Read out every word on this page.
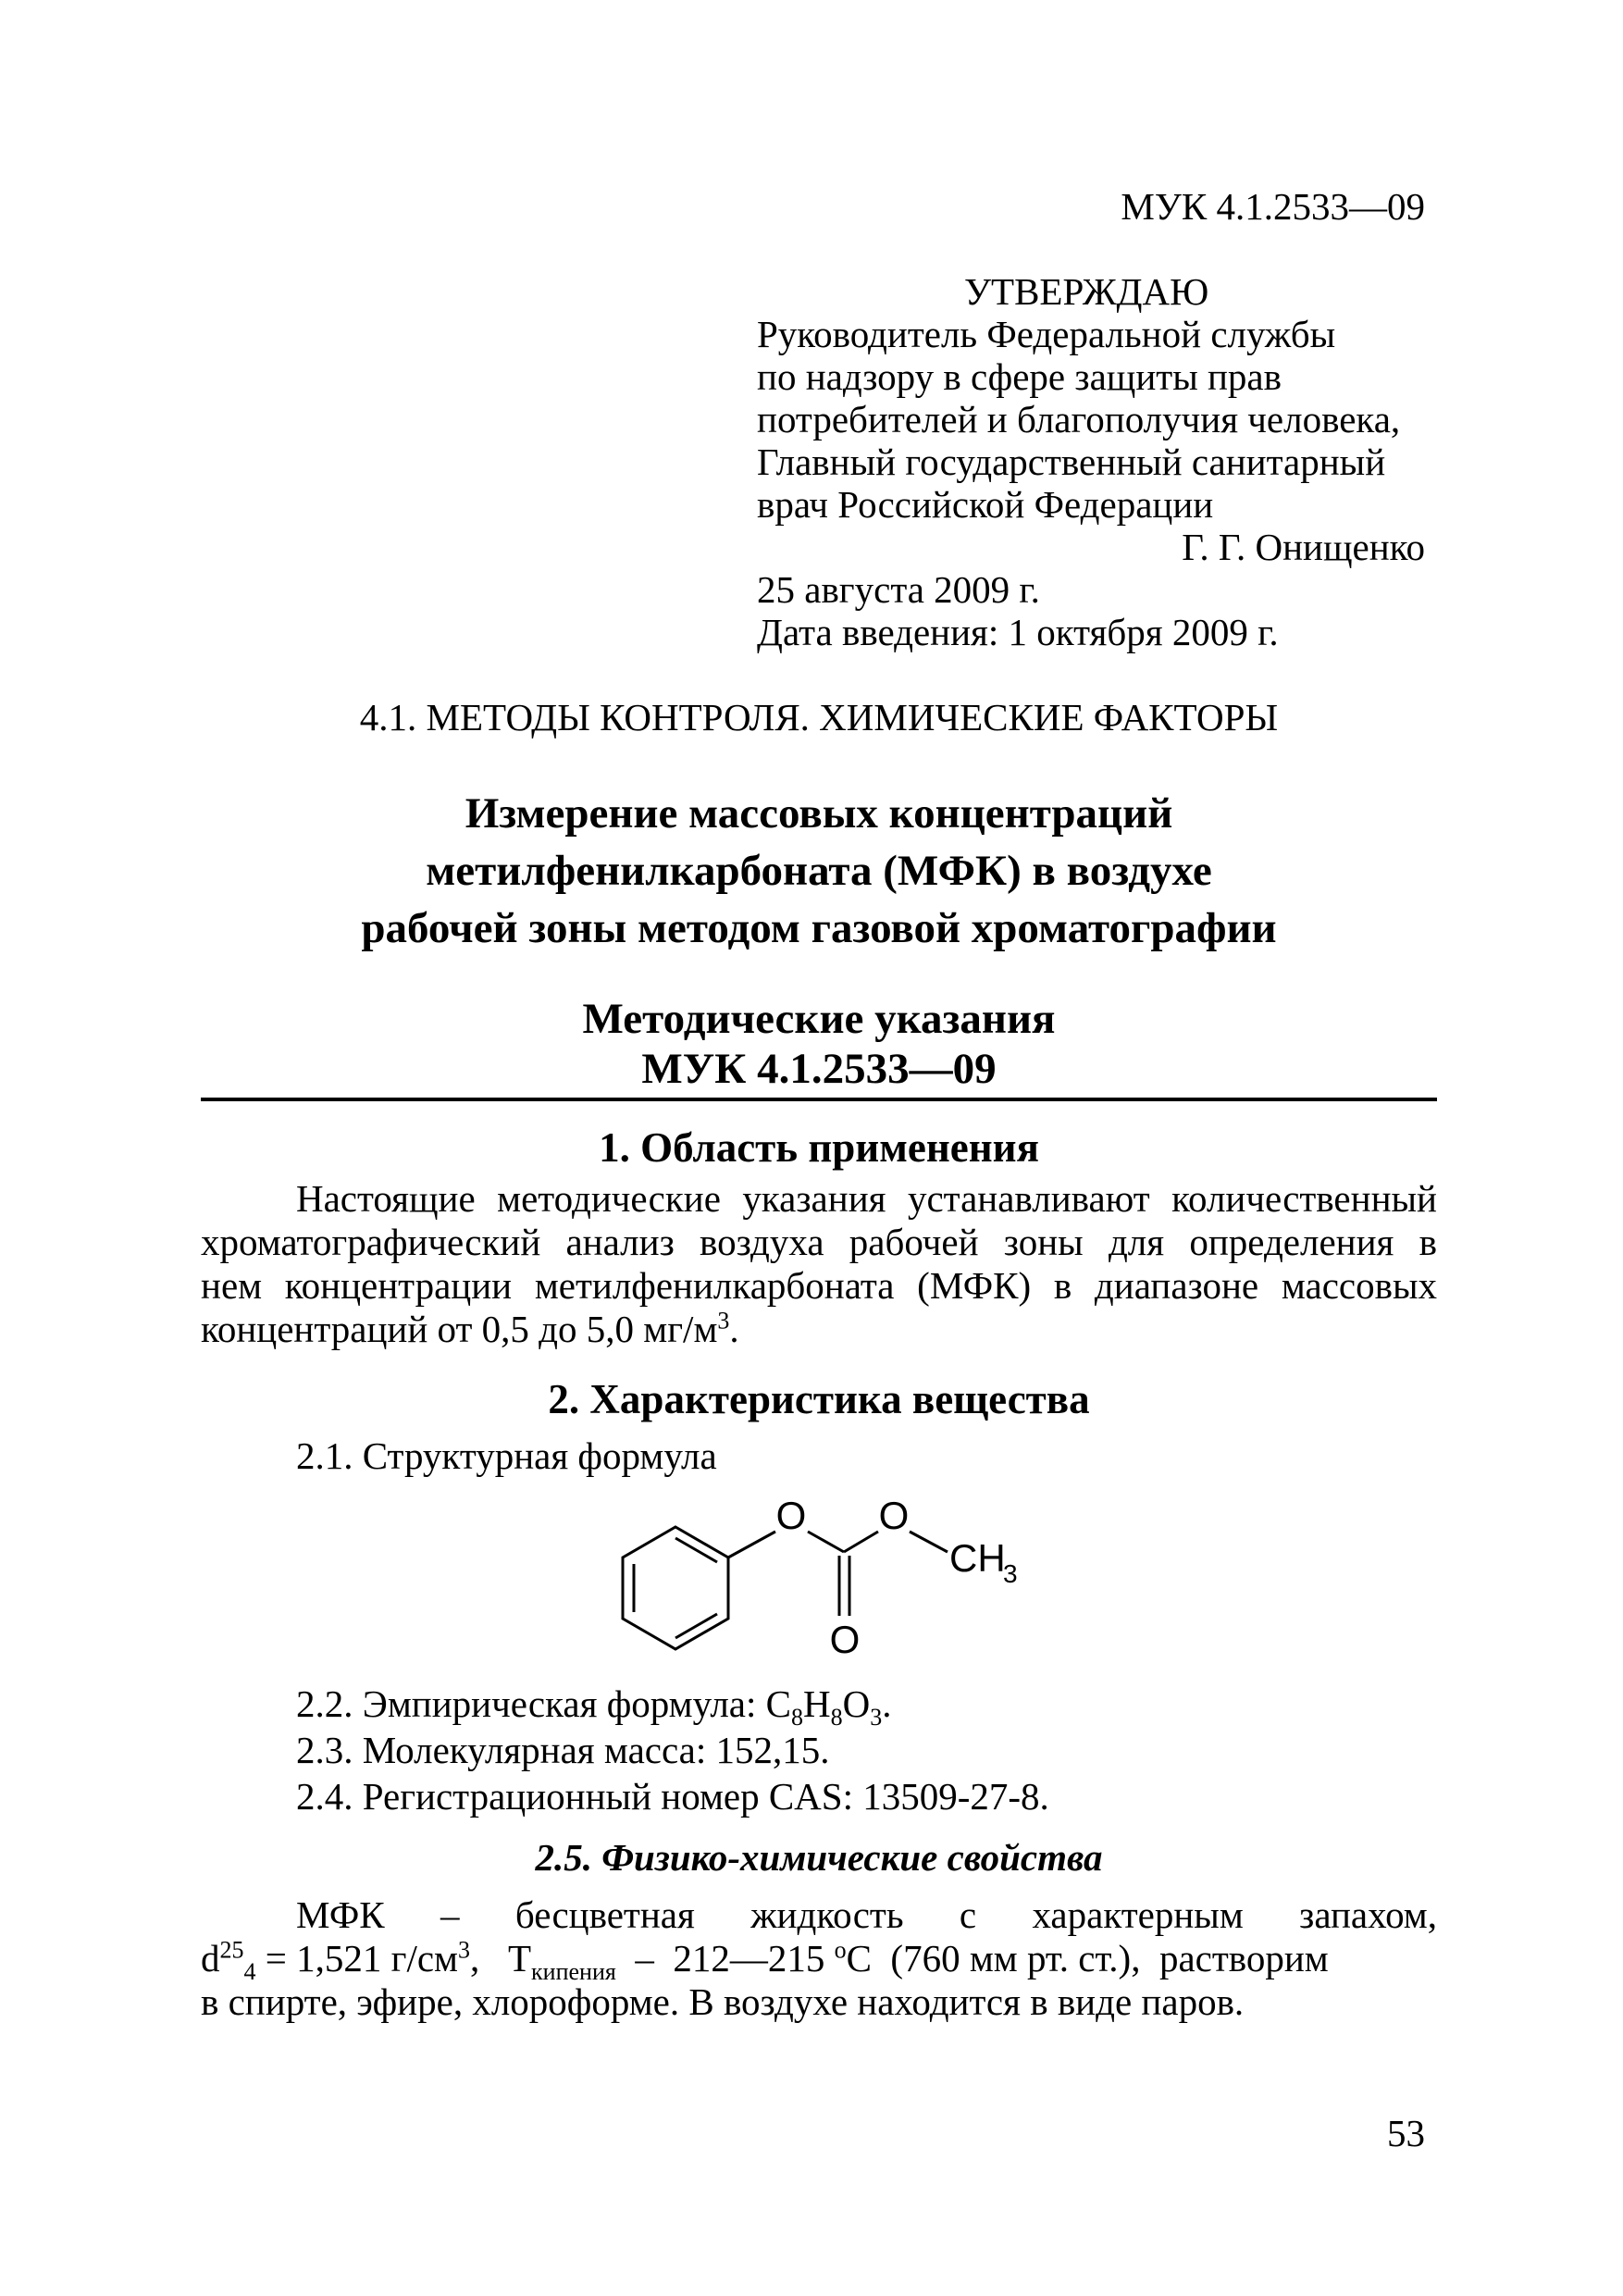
МУК 4.1.2533—09
УТВЕРЖДАЮ
Руководитель Федеральной службы
по надзору в сфере защиты прав
потребителей и благополучия человека,
Главный государственный санитарный
врач Российской Федерации
Г. Г. Онищенко
25 августа 2009 г.
Дата введения: 1 октября 2009 г.
4.1. МЕТОДЫ КОНТРОЛЯ. ХИМИЧЕСКИЕ ФАКТОРЫ
Измерение массовых концентраций
метилфенилкарбоната (МФК) в воздухе
рабочей зоны методом газовой хроматографии
Методические указания
МУК 4.1.2533—09
1. Область применения
Настоящие методические указания устанавливают количественный
хроматографический анализ воздуха рабочей зоны для определения в
нем концентрации метилфенилкарбоната (МФК) в диапазоне массовых
концентраций от 0,5 до 5,0 $мг/м^3$.
2. Характеристика вещества
2.1. Структурная формула
O O
O
CH
3
2.2. Эмпирическая формула: $C_8H_8O_3$.
2.3. Молекулярная масса: 152,15.
2.4. Регистрационный номер CAS: 13509-27-8.
2.5. Физико-химические свойства
МФК – бесцветная жидкость с характерным запахом,
$d^{25}_4 = 1,521$ $г/см^3$,   $Т_{кипения}$  –  212—215 $^o$С  (760 мм рт. ст.),  растворим
в спирте, эфире, хлороформе. В воздухе находится в виде паров.
53
